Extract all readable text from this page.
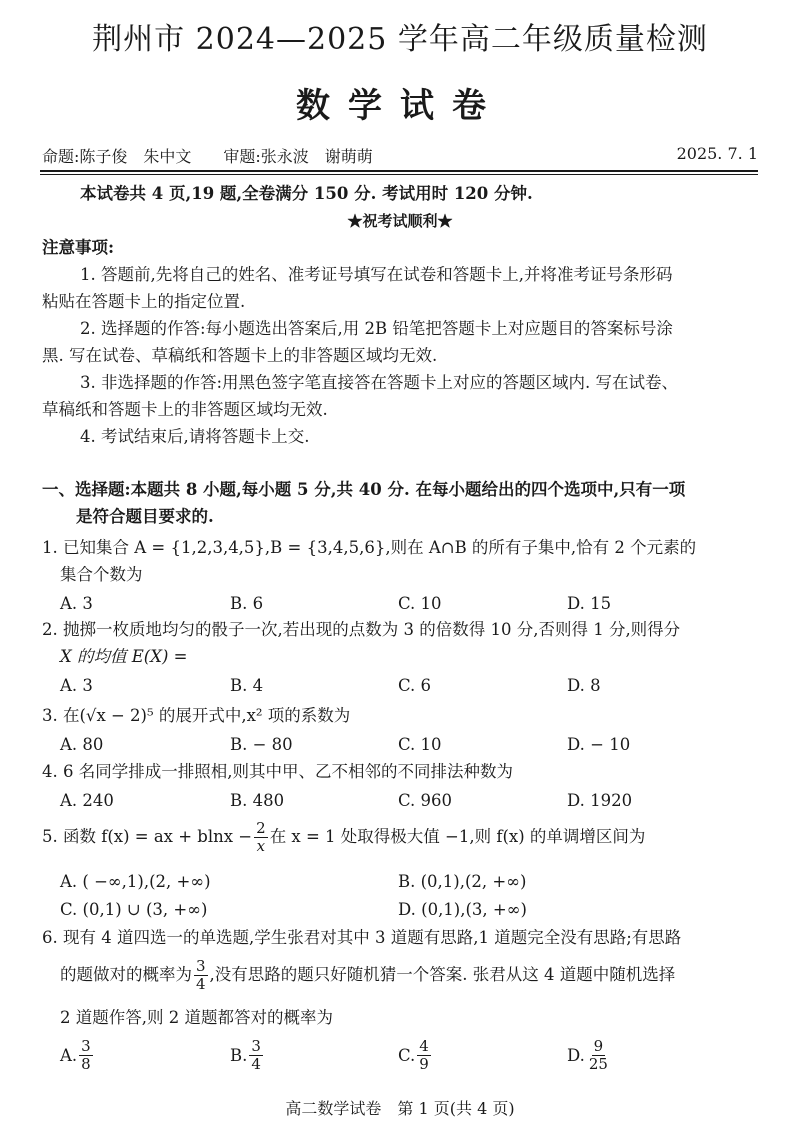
荆州市 2024—2025 学年高二年级质量检测
数学试卷
命题:陈子俊　朱中文　　审题:张永波　谢萌萌	2025. 7. 1
本试卷共 4 页,19 题,全卷满分 150 分. 考试用时 120 分钟.
★祝考试顺利★
注意事项:
1. 答题前,先将自己的姓名、准考证号填写在试卷和答题卡上,并将准考证号条形码
粘贴在答题卡上的指定位置.
2. 选择题的作答:每小题选出答案后,用 2B 铅笔把答题卡上对应题目的答案标号涂
黑. 写在试卷、草稿纸和答题卡上的非答题区域均无效.
3. 非选择题的作答:用黑色签字笔直接答在答题卡上对应的答题区域内. 写在试卷、
草稿纸和答题卡上的非答题区域均无效.
4. 考试结束后,请将答题卡上交.
一、选择题:本题共 8 小题,每小题 5 分,共 40 分. 在每小题给出的四个选项中,只有一项
是符合题目要求的.
1. 已知集合 A = {1,2,3,4,5},B = {3,4,5,6},则在 A∩B 的所有子集中,恰有 2 个元素的
集合个数为
A. 3	B. 6	C. 10	D. 15
2. 抛掷一枚质地均匀的骰子一次,若出现的点数为 3 的倍数得 10 分,否则得 1 分,则得分
X 的均值 E(X) =
A. 3	B. 4	C. 6	D. 8
3. 在(√x − 2)⁵ 的展开式中,x² 项的系数为
A. 80	B. − 80	C. 10	D. − 10
4. 6 名同学排成一排照相,则其中甲、乙不相邻的不同排法种数为
A. 240	B. 480	C. 960	D. 1920
5. 函数 f(x) = ax + $blnx - \frac{2}{x}$ 在 x = 1 处取得极大值 −1,则 f(x) 的单调增区间为
A. ( −∞,1),(2, +∞)	B. (0,1),(2, +∞)
C. (0,1) ∪ (3, +∞)	D. (0,1),(3, +∞)
6. 现有 4 道四选一的单选题,学生张君对其中 3 道题有思路,1 道题完全没有思路;有思路
的题做对的概率为 $\frac{3}{4}$ ,没有思路的题只好随机猜一个答案. 张君从这 4 道题中随机选择
2 道题作答,则 2 道题都答对的概率为
A. $\frac{3}{8}$	B. $\frac{3}{4}$	C. $\frac{4}{9}$	D. $\frac{9}{25}$
高二数学试卷　第 1 页(共 4 页)
